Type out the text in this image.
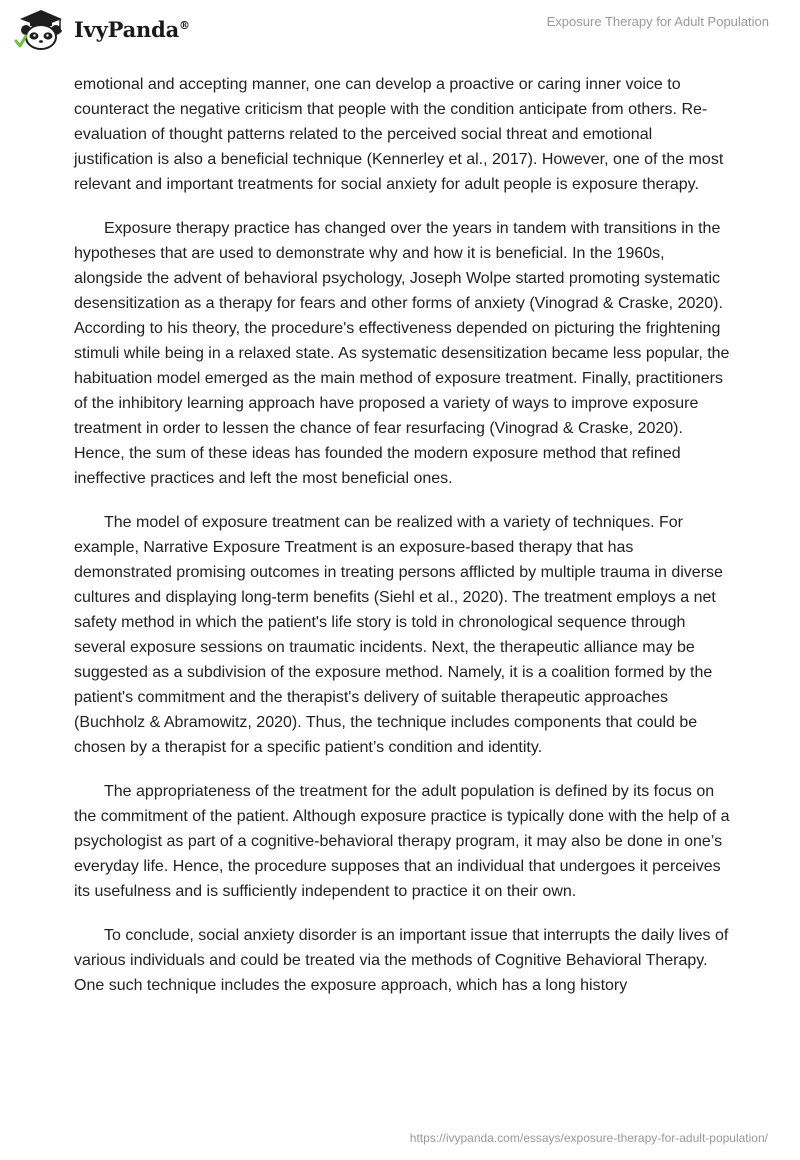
IvyPanda®	Exposure Therapy for Adult Population

emotional and accepting manner, one can develop a proactive or caring inner voice to counteract the negative criticism that people with the condition anticipate from others. Re-evaluation of thought patterns related to the perceived social threat and emotional justification is also a beneficial technique (Kennerley et al., 2017). However, one of the most relevant and important treatments for social anxiety for adult people is exposure therapy.

Exposure therapy practice has changed over the years in tandem with transitions in the hypotheses that are used to demonstrate why and how it is beneficial. In the 1960s, alongside the advent of behavioral psychology, Joseph Wolpe started promoting systematic desensitization as a therapy for fears and other forms of anxiety (Vinograd & Craske, 2020). According to his theory, the procedure's effectiveness depended on picturing the frightening stimuli while being in a relaxed state. As systematic desensitization became less popular, the habituation model emerged as the main method of exposure treatment. Finally, practitioners of the inhibitory learning approach have proposed a variety of ways to improve exposure treatment in order to lessen the chance of fear resurfacing (Vinograd & Craske, 2020). Hence, the sum of these ideas has founded the modern exposure method that refined ineffective practices and left the most beneficial ones.

The model of exposure treatment can be realized with a variety of techniques. For example, Narrative Exposure Treatment is an exposure-based therapy that has demonstrated promising outcomes in treating persons afflicted by multiple trauma in diverse cultures and displaying long-term benefits (Siehl et al., 2020). The treatment employs a net safety method in which the patient's life story is told in chronological sequence through several exposure sessions on traumatic incidents. Next, the therapeutic alliance may be suggested as a subdivision of the exposure method. Namely, it is a coalition formed by the patient's commitment and the therapist's delivery of suitable therapeutic approaches (Buchholz & Abramowitz, 2020). Thus, the technique includes components that could be chosen by a therapist for a specific patient’s condition and identity.

The appropriateness of the treatment for the adult population is defined by its focus on the commitment of the patient. Although exposure practice is typically done with the help of a psychologist as part of a cognitive-behavioral therapy program, it may also be done in one’s everyday life. Hence, the procedure supposes that an individual that undergoes it perceives its usefulness and is sufficiently independent to practice it on their own.

To conclude, social anxiety disorder is an important issue that interrupts the daily lives of various individuals and could be treated via the methods of Cognitive Behavioral Therapy. One such technique includes the exposure approach, which has a long history

https://ivypanda.com/essays/exposure-therapy-for-adult-population/
